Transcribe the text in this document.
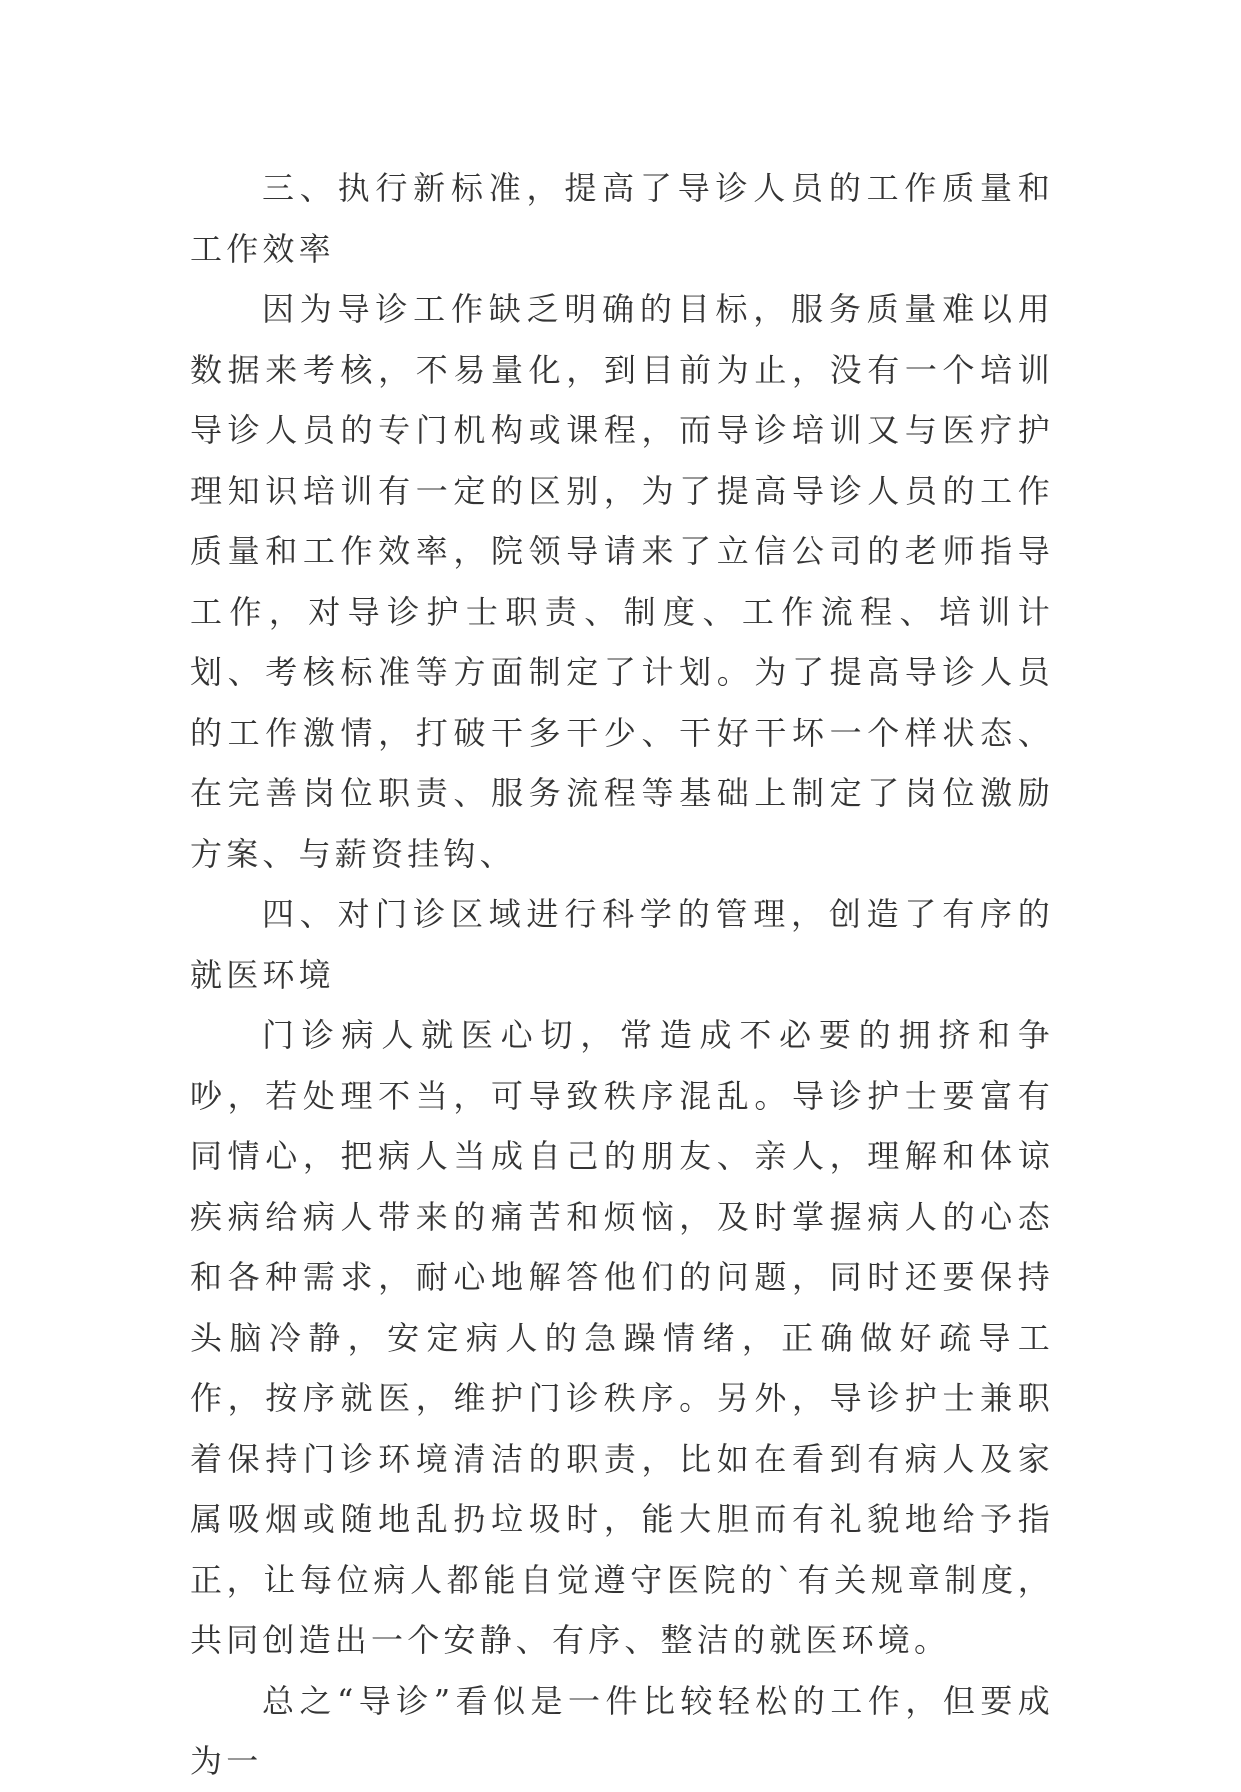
三、执行新标准，提高了导诊人员的工作质量和工作效率

因为导诊工作缺乏明确的目标，服务质量难以用数据来考核，不易量化，到目前为止，没有一个培训导诊人员的专门机构或课程，而导诊培训又与医疗护理知识培训有一定的区别，为了提高导诊人员的工作质量和工作效率，院领导请来了立信公司的老师指导工作，对导诊护士职责、制度、工作流程、培训计划、考核标准等方面制定了计划。为了提高导诊人员的工作激情，打破干多干少、干好干坏一个样状态、在完善岗位职责、服务流程等基础上制定了岗位激励方案、与薪资挂钩、

四、对门诊区域进行科学的管理，创造了有序的就医环境

门诊病人就医心切，常造成不必要的拥挤和争吵，若处理不当，可导致秩序混乱。导诊护士要富有同情心，把病人当成自己的朋友、亲人，理解和体谅疾病给病人带来的痛苦和烦恼，及时掌握病人的心态和各种需求，耐心地解答他们的问题，同时还要保持头脑冷静，安定病人的急躁情绪，正确做好疏导工作，按序就医，维护门诊秩序。另外，导诊护士兼职着保持门诊环境清洁的职责，比如在看到有病人及家属吸烟或随地乱扔垃圾时，能大胆而有礼貌地给予指正，让每位病人都能自觉遵守医院的`有关规章制度，共同创造出一个安静、有序、整洁的就医环境。

总之“导诊”看似是一件比较轻松的工作，但要成为一
